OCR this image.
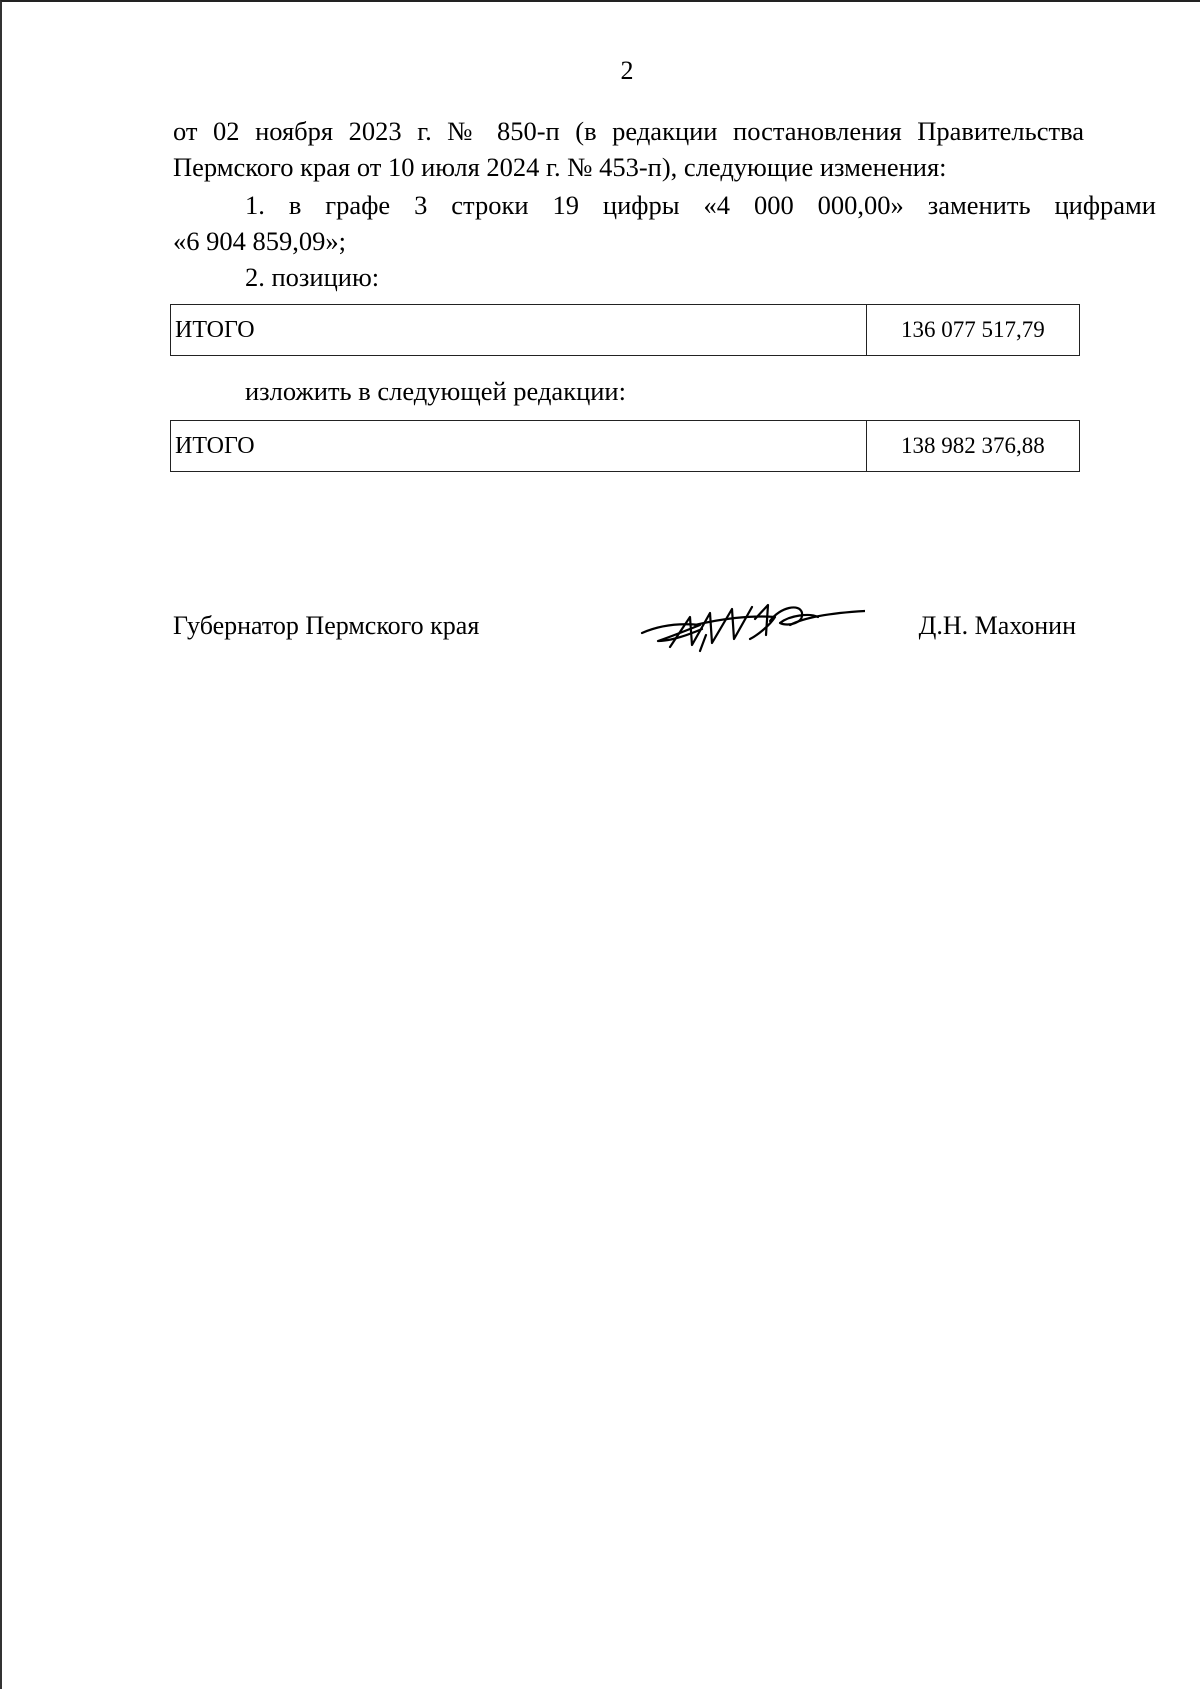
2
от 02 ноября 2023 г. № 850-п (в редакции постановления Правительства
Пермского края от 10 июля 2024 г. № 453-п), следующие изменения:
1. в графе 3 строки 19 цифры «4 000 000,00» заменить цифрами
«6 904 859,09»;
2. позицию:
ИТОГО	136 077 517,79
изложить в следующей редакции:
ИТОГО	138 982 376,88
Губернатор Пермского края	Д.Н. Махонин
